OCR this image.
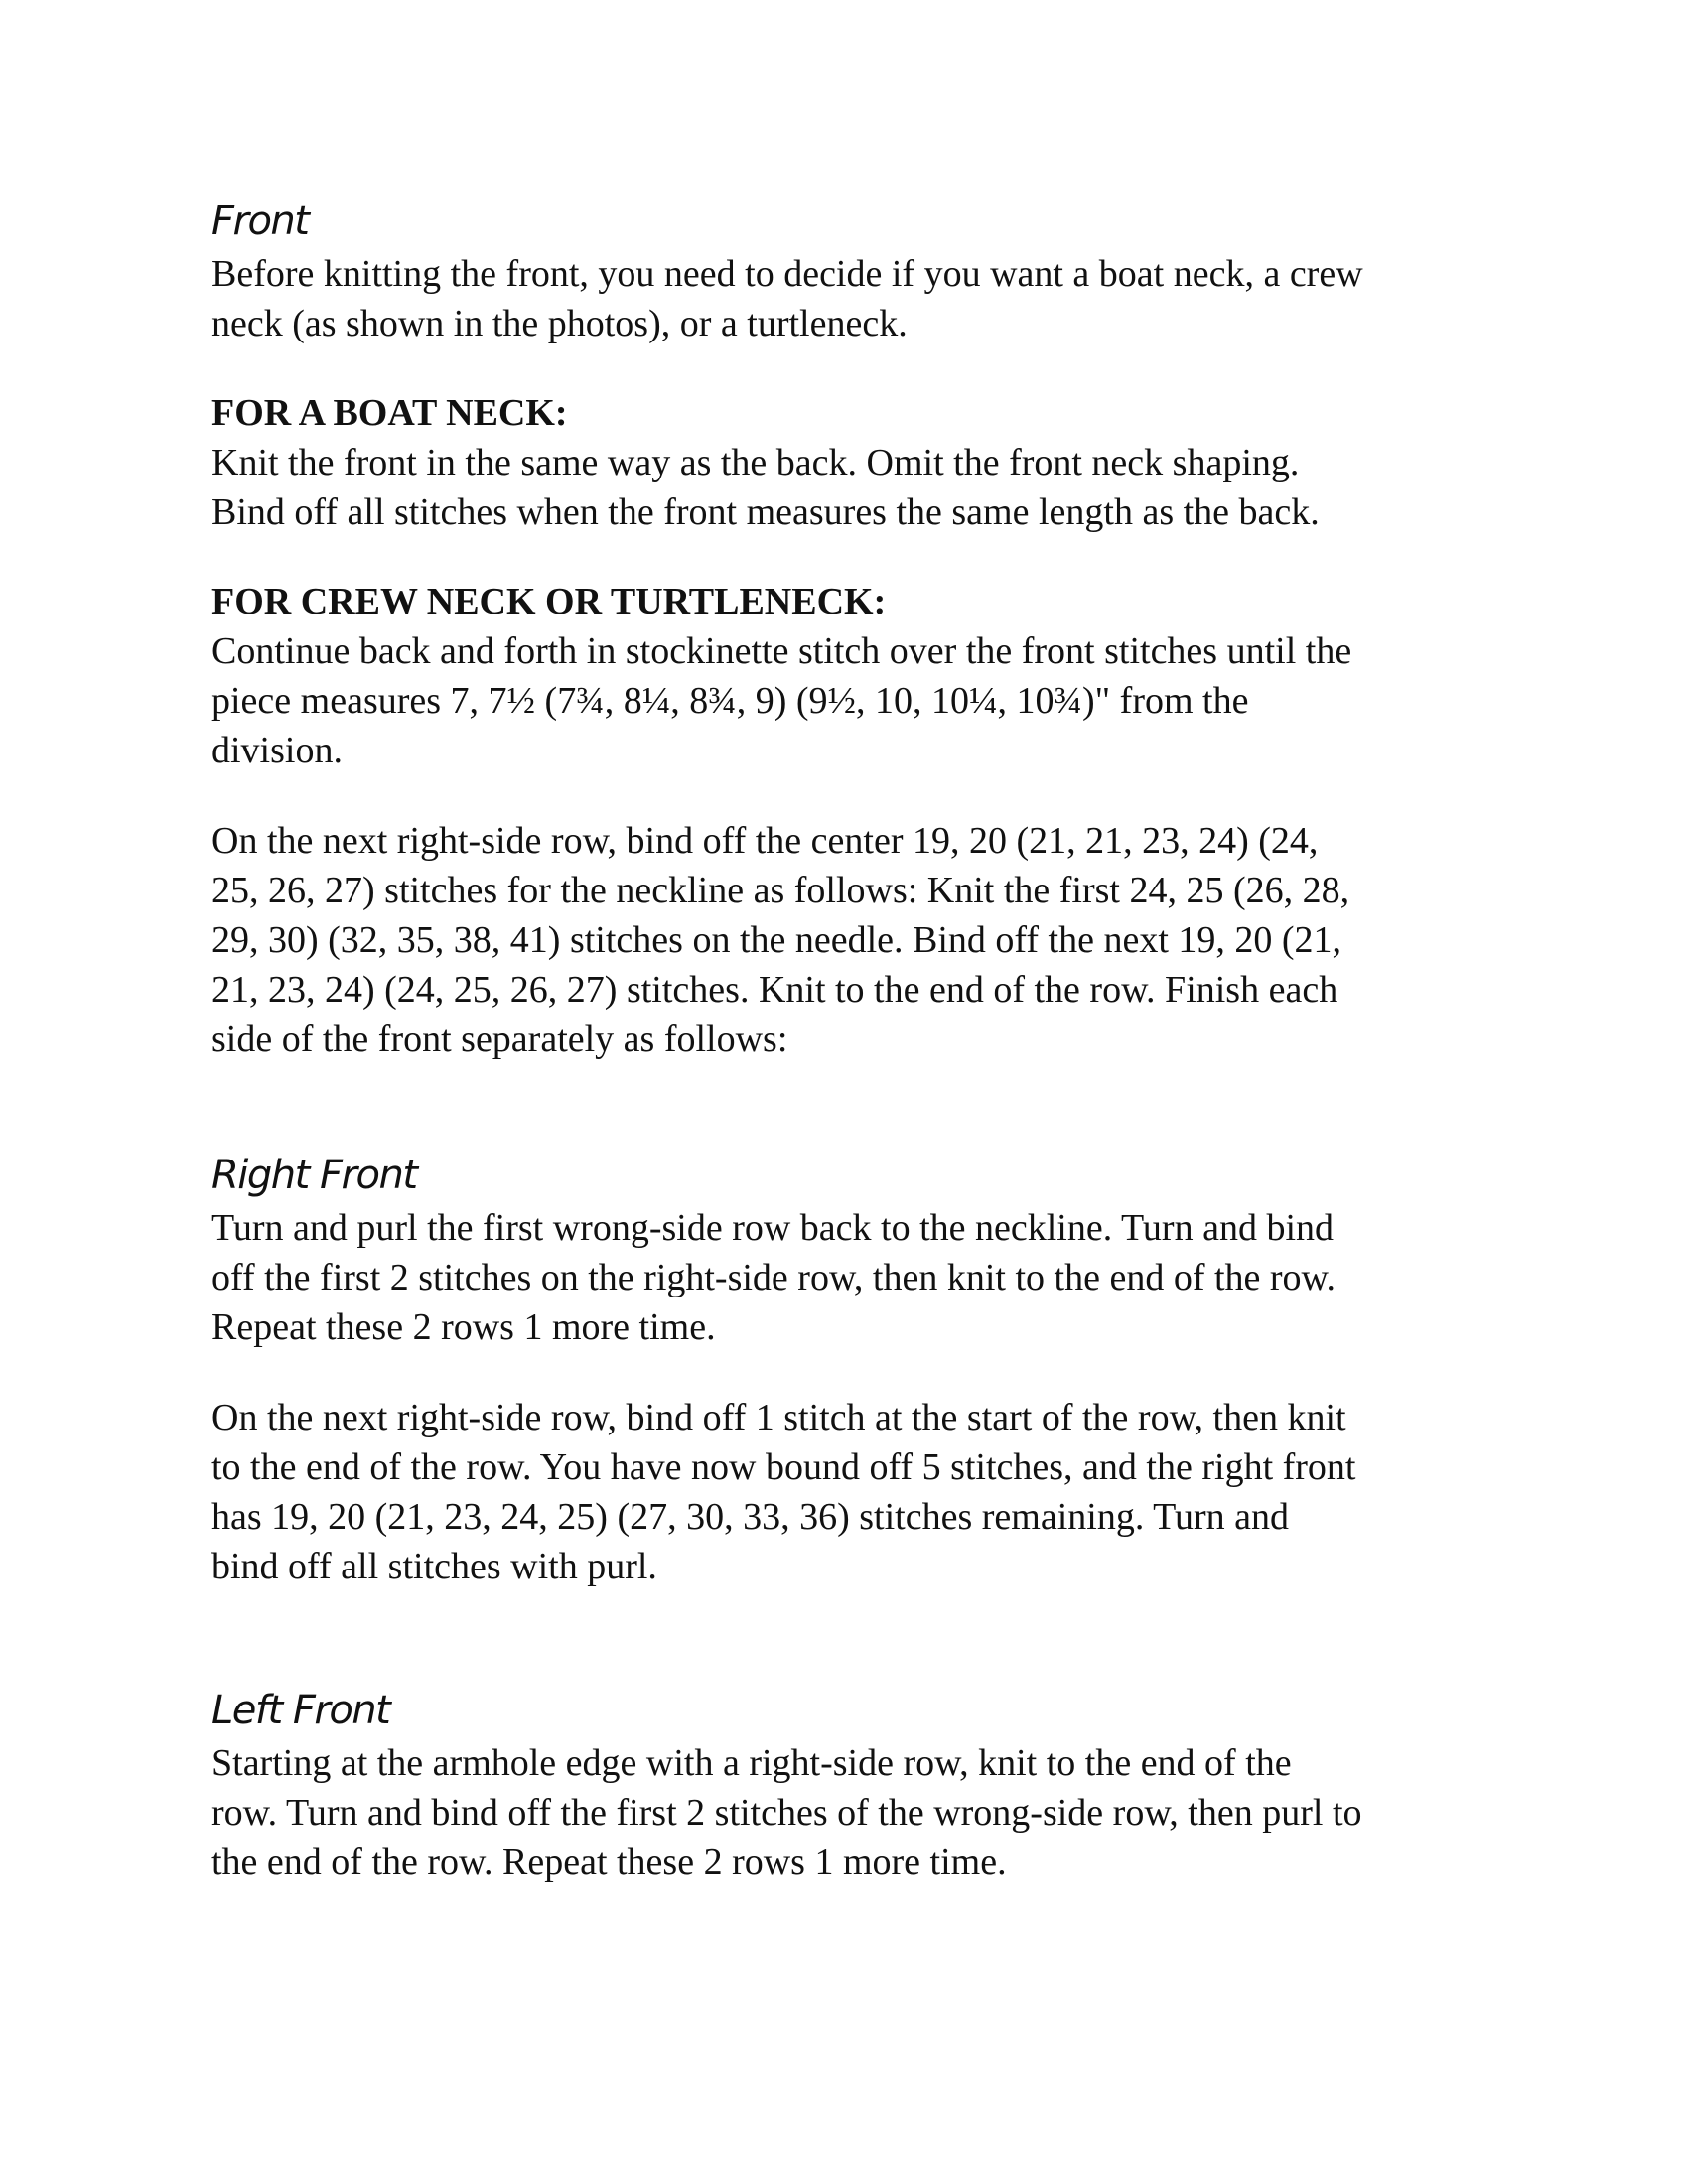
Front

Before knitting the front, you need to decide if you want a boat neck, a crew
neck (as shown in the photos), or a turtleneck.

FOR A BOAT NECK:

Knit the front in the same way as the back. Omit the front neck shaping.
Bind off all stitches when the front measures the same length as the back.

FOR CREW NECK OR TURTLENECK:

Continue back and forth in stockinette stitch over the front stitches until the
piece measures 7, 7½ (7¾, 8¼, 8¾, 9) (9½, 10, 10¼, 10¾)" from the
division.

On the next right-side row, bind off the center 19, 20 (21, 21, 23, 24) (24,
25, 26, 27) stitches for the neckline as follows: Knit the first 24, 25 (26, 28,
29, 30) (32, 35, 38, 41) stitches on the needle. Bind off the next 19, 20 (21,
21, 23, 24) (24, 25, 26, 27) stitches. Knit to the end of the row. Finish each
side of the front separately as follows:

Right Front

Turn and purl the first wrong-side row back to the neckline. Turn and bind
off the first 2 stitches on the right-side row, then knit to the end of the row.
Repeat these 2 rows 1 more time.

On the next right-side row, bind off 1 stitch at the start of the row, then knit
to the end of the row. You have now bound off 5 stitches, and the right front
has 19, 20 (21, 23, 24, 25) (27, 30, 33, 36) stitches remaining. Turn and
bind off all stitches with purl.

Left Front

Starting at the armhole edge with a right-side row, knit to the end of the
row. Turn and bind off the first 2 stitches of the wrong-side row, then purl to
the end of the row. Repeat these 2 rows 1 more time.
